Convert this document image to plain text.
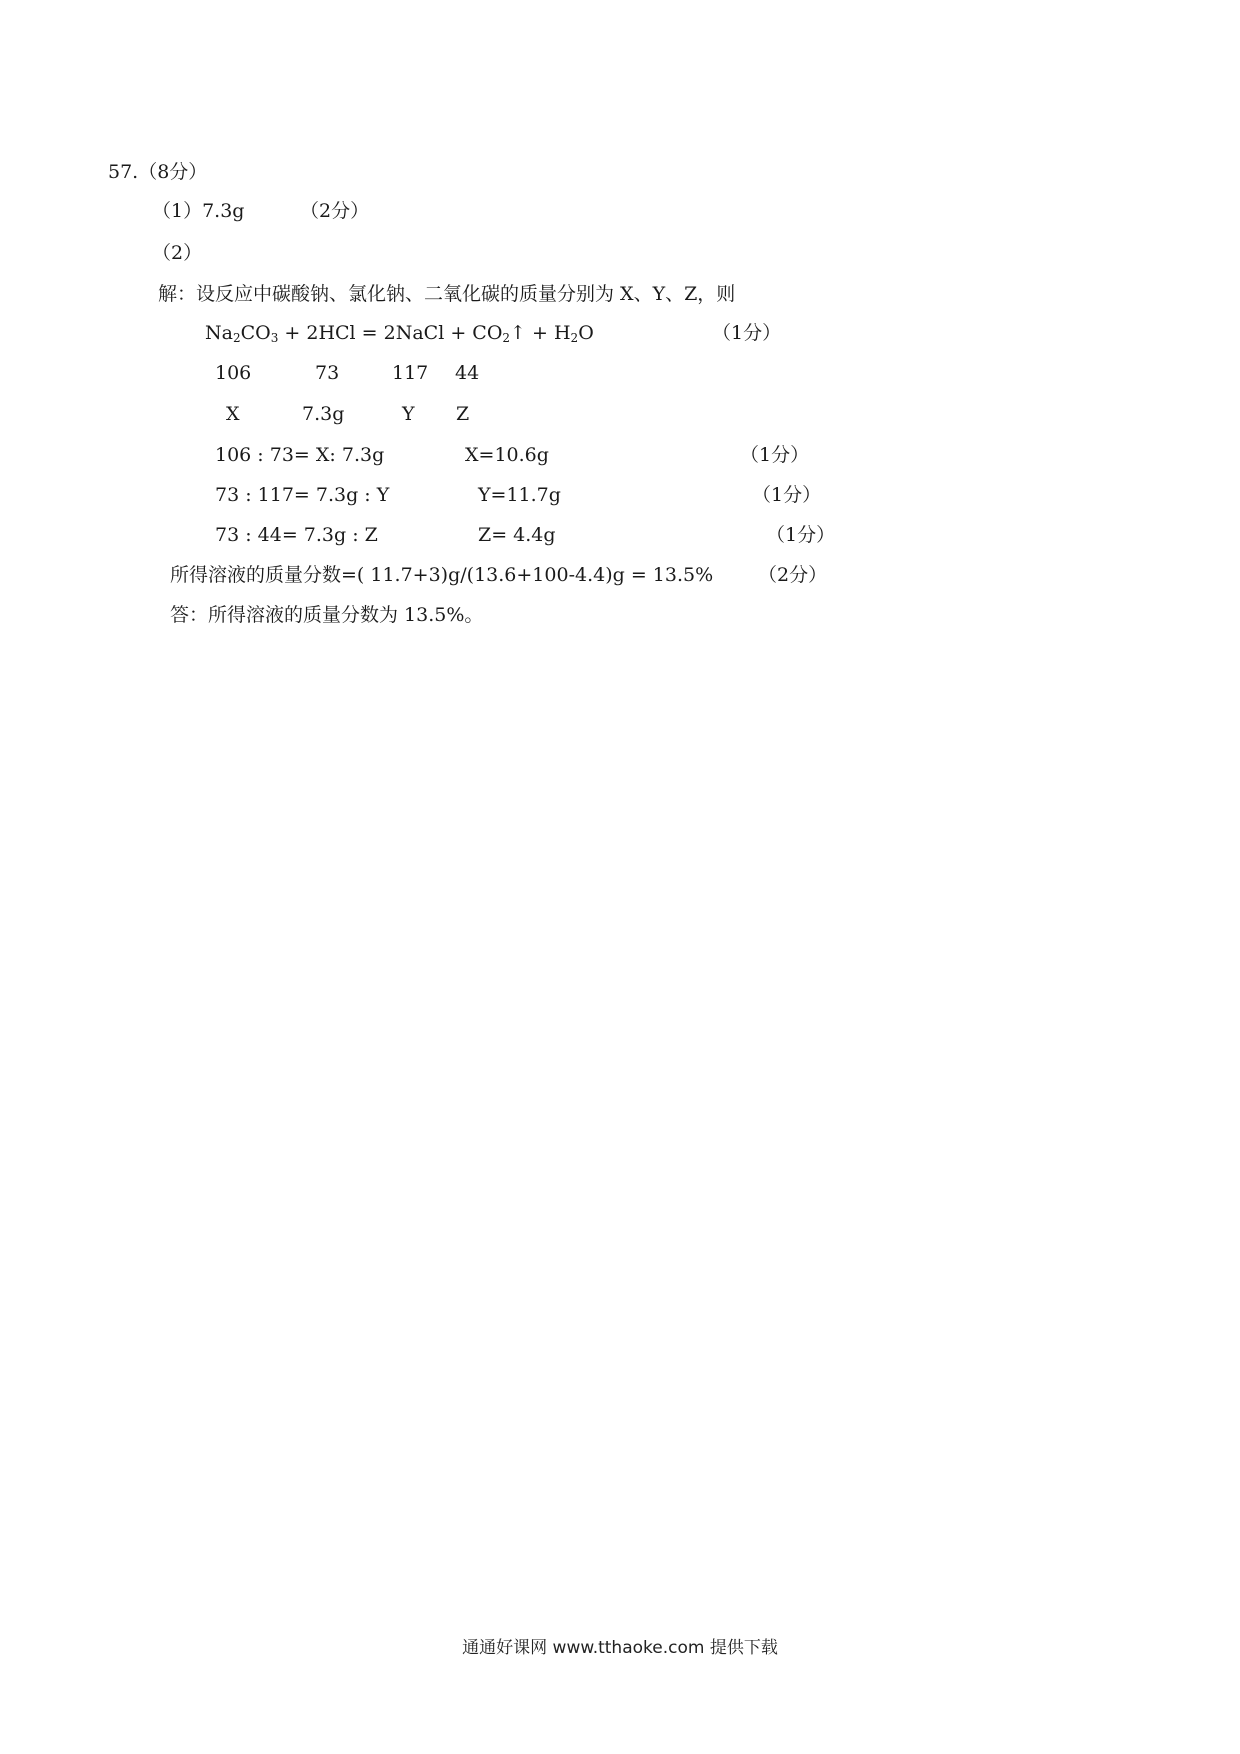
57.（8分）
（1）7.3g	（2分）
（2）
解：设反应中碳酸钠、氯化钠、二氧化碳的质量分别为 X、Y、Z，则
$Na_2CO_3 + 2HCl$ = 2NaCl + $CO_2↑ + H_2O$	（1分）
106	73	117 44
X	7.3g	Y Z
106 : 73= X: 7.3g	X=10.6g	（1分）
73 : 117= 7.3g : Y	Y=11.7g	（1分）
73 : 44= 7.3g : Z	Z= 4.4g	（1分）
所得溶液的质量分数=( 11.7+3)g/(13.6+100-4.4)g = 13.5% （2分）
答：所得溶液的质量分数为 13.5%。
通通好课网 www.tthaoke.com 提供下载
